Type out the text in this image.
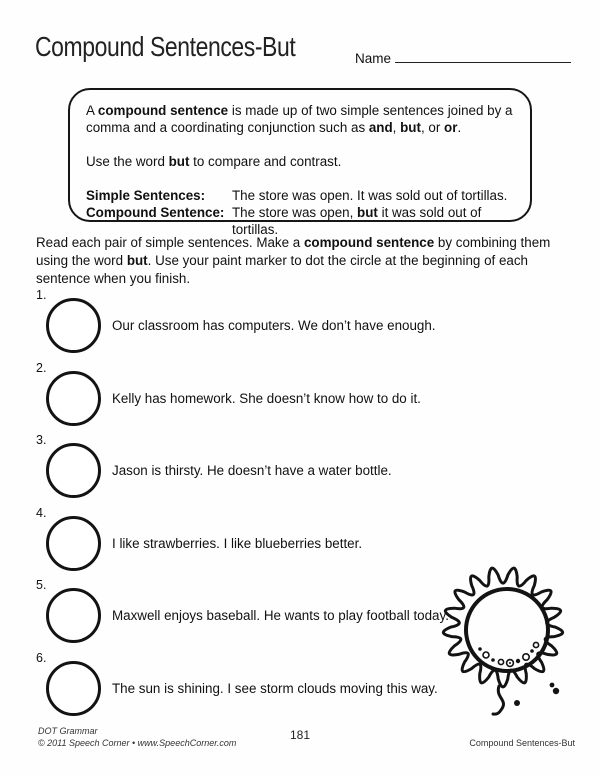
Compound Sentences-But	Name

A compound sentence is made up of two simple sentences joined by a comma and a coordinating conjunction such as and, but, or or.

Use the word but to compare and contrast.

Simple Sentences:	The store was open. It was sold out of tortillas.
Compound Sentence: The store was open, but it was sold out of tortillas.
Read each pair of simple sentences. Make a compound sentence by combining them using the word but. Use your paint marker to dot the circle at the beginning of each sentence when you finish.
1.
Our classroom has computers. We don’t have enough.
2.
Kelly has homework. She doesn’t know how to do it.
3.
Jason is thirsty. He doesn’t have a water bottle.
4.
I like strawberries. I like blueberries better.
5.
Maxwell enjoys baseball. He wants to play football today.
6.
The sun is shining. I see storm clouds moving this way.
DOT Grammar
© 2011 Speech Corner • www.SpeechCorner.com
181
Compound Sentences-But
